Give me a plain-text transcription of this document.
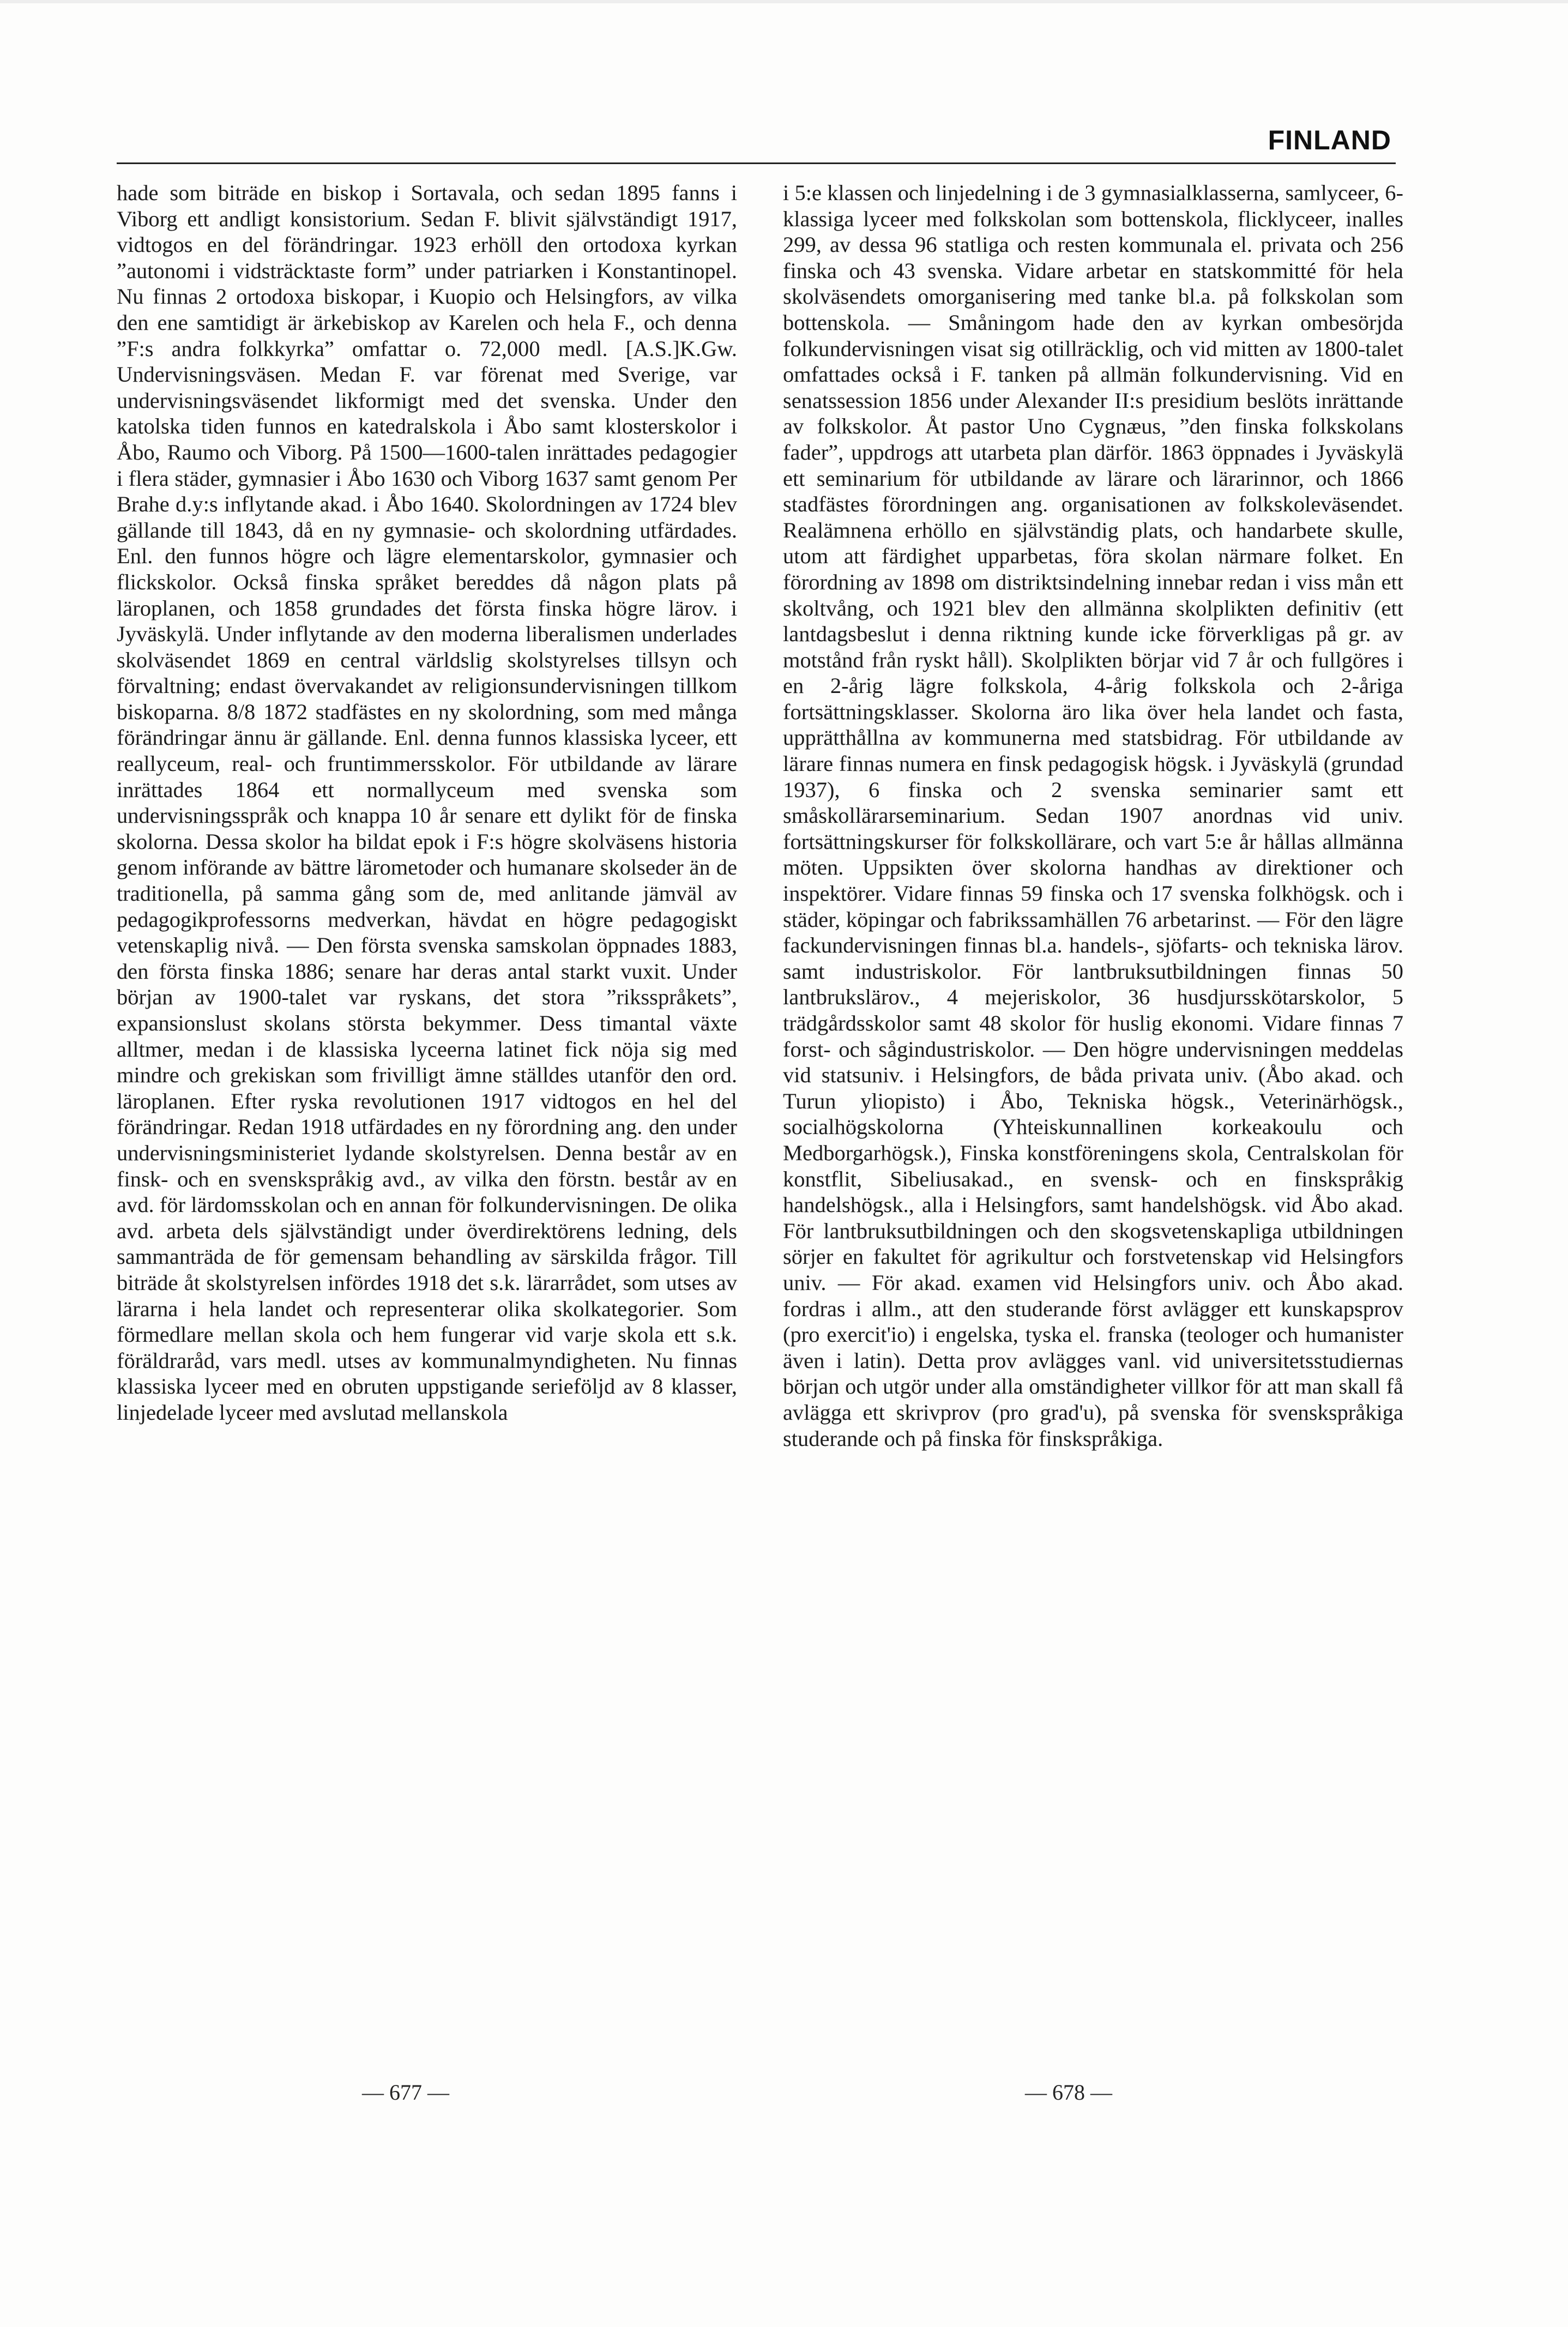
FINLAND

hade som biträde en biskop i Sortavala, och sedan 1895 fanns i Viborg ett andligt konsistorium. Sedan F. blivit självständigt 1917, vidtogos en del förändringar. 1923 erhöll den ortodoxa kyrkan ”autonomi i vidsträcktaste form” under patriarken i Konstantinopel. Nu finnas 2 ortodoxa biskopar, i Kuopio och Helsingfors, av vilka den ene samtidigt är ärkebiskop av Karelen och hela F., och denna ”F:s andra folkkyrka” omfattar o. 72,000 medl. [A.S.]K.Gw. Undervisningsväsen. Medan F. var förenat med Sverige, var undervisningsväsendet likformigt med det svenska. Under den katolska tiden funnos en katedralskola i Åbo samt klosterskolor i Åbo, Raumo och Viborg. På 1500—1600-talen inrättades pedagogier i flera städer, gymnasier i Åbo 1630 och Viborg 1637 samt genom Per Brahe d.y:s inflytande akad. i Åbo 1640. Skolordningen av 1724 blev gällande till 1843, då en ny gymnasie- och skolordning utfärdades. Enl. den funnos högre och lägre elementarskolor, gymnasier och flickskolor. Också finska språket bereddes då någon plats på läroplanen, och 1858 grundades det första finska högre lärov. i Jyväskylä. Under inflytande av den moderna liberalismen underlades skolväsendet 1869 en central världslig skolstyrelses tillsyn och förvaltning; endast övervakandet av religionsundervisningen tillkom biskoparna. 8/8 1872 stadfästes en ny skolordning, som med många förändringar ännu är gällande. Enl. denna funnos klassiska lyceer, ett reallyceum, real- och fruntimmersskolor. För utbildande av lärare inrättades 1864 ett normallyceum med svenska som undervisningsspråk och knappa 10 år senare ett dylikt för de finska skolorna. Dessa skolor ha bildat epok i F:s högre skolväsens historia genom införande av bättre lärometoder och humanare skolseder än de traditionella, på samma gång som de, med anlitande jämväl av pedagogikprofessorns medverkan, hävdat en högre pedagogiskt vetenskaplig nivå. — Den första svenska samskolan öppnades 1883, den första finska 1886; senare har deras antal starkt vuxit. Under början av 1900-talet var ryskans, det stora ”riksspråkets”, expansionslust skolans största bekymmer. Dess timantal växte alltmer, medan i de klassiska lyceerna latinet fick nöja sig med mindre och grekiskan som frivilligt ämne ställdes utanför den ord. läroplanen. Efter ryska revolutionen 1917 vidtogos en hel del förändringar. Redan 1918 utfärdades en ny förordning ang. den under undervisningsministeriet lydande skolstyrelsen. Denna består av en finsk- och en svenskspråkig avd., av vilka den förstn. består av en avd. för lärdomsskolan och en annan för folkundervisningen. De olika avd. arbeta dels självständigt under överdirektörens ledning, dels sammanträda de för gemensam behandling av särskilda frågor. Till biträde åt skolstyrelsen infördes 1918 det s.k. lärarrådet, som utses av lärarna i hela landet och representerar olika skolkategorier. Som förmedlare mellan skola och hem fungerar vid varje skola ett s.k. föräldraråd, vars medl. utses av kommunalmyndigheten. Nu finnas klassiska lyceer med en obruten uppstigande serieföljd av 8 klasser, linjedelade lyceer med avslutad mellanskola

i 5:e klassen och linjedelning i de 3 gymnasialklasserna, samlyceer, 6-klassiga lyceer med folkskolan som bottenskola, flicklyceer, inalles 299, av dessa 96 statliga och resten kommunala el. privata och 256 finska och 43 svenska. Vidare arbetar en statskommitté för hela skolväsendets omorganisering med tanke bl.a. på folkskolan som bottenskola. — Småningom hade den av kyrkan ombesörjda folkundervisningen visat sig otillräcklig, och vid mitten av 1800-talet omfattades också i F. tanken på allmän folkundervisning. Vid en senatssession 1856 under Alexander II:s presidium beslöts inrättande av folkskolor. Åt pastor Uno Cygnæus, ”den finska folkskolans fader”, uppdrogs att utarbeta plan därför. 1863 öppnades i Jyväskylä ett seminarium för utbildande av lärare och lärarinnor, och 1866 stadfästes förordningen ang. organisationen av folkskoleväsendet. Realämnena erhöllo en självständig plats, och handarbete skulle, utom att färdighet upparbetas, föra skolan närmare folket. En förordning av 1898 om distriktsindelning innebar redan i viss mån ett skoltvång, och 1921 blev den allmänna skolplikten definitiv (ett lantdagsbeslut i denna riktning kunde icke förverkligas på gr. av motstånd från ryskt håll). Skolplikten börjar vid 7 år och fullgöres i en 2-årig lägre folkskola, 4-årig folkskola och 2-åriga fortsättningsklasser. Skolorna äro lika över hela landet och fasta, upprätthållna av kommunerna med statsbidrag. För utbildande av lärare finnas numera en finsk pedagogisk högsk. i Jyväskylä (grundad 1937), 6 finska och 2 svenska seminarier samt ett småskollärarseminarium. Sedan 1907 anordnas vid univ. fortsättningskurser för folkskollärare, och vart 5:e år hållas allmänna möten. Uppsikten över skolorna handhas av direktioner och inspektörer. Vidare finnas 59 finska och 17 svenska folkhögsk. och i städer, köpingar och fabrikssamhällen 76 arbetarinst. — För den lägre fackundervisningen finnas bl.a. handels-, sjöfarts- och tekniska lärov. samt industriskolor. För lantbruksutbildningen finnas 50 lantbrukslärov., 4 mejeriskolor, 36 husdjursskötarskolor, 5 trädgårdsskolor samt 48 skolor för huslig ekonomi. Vidare finnas 7 forst- och sågindustriskolor. — Den högre undervisningen meddelas vid statsuniv. i Helsingfors, de båda privata univ. (Åbo akad. och Turun yliopisto) i Åbo, Tekniska högsk., Veterinärhögsk., socialhögskolorna (Yhteiskunnallinen korkeakoulu och Medborgarhögsk.), Finska konstföreningens skola, Centralskolan för konstflit, Sibeliusakad., en svensk- och en finskspråkig handelshögsk., alla i Helsingfors, samt handelshögsk. vid Åbo akad. För lantbruksutbildningen och den skogsvetenskapliga utbildningen sörjer en fakultet för agrikultur och forstvetenskap vid Helsingfors univ. — För akad. examen vid Helsingfors univ. och Åbo akad. fordras i allm., att den studerande först avlägger ett kunskapsprov (pro exercit'io) i engelska, tyska el. franska (teologer och humanister även i latin). Detta prov avlägges vanl. vid universitetsstudiernas början och utgör under alla omständigheter villkor för att man skall få avlägga ett skrivprov (pro grad'u), på svenska för svenskspråkiga studerande och på finska för finskspråkiga.

— 677 —	— 678 —
